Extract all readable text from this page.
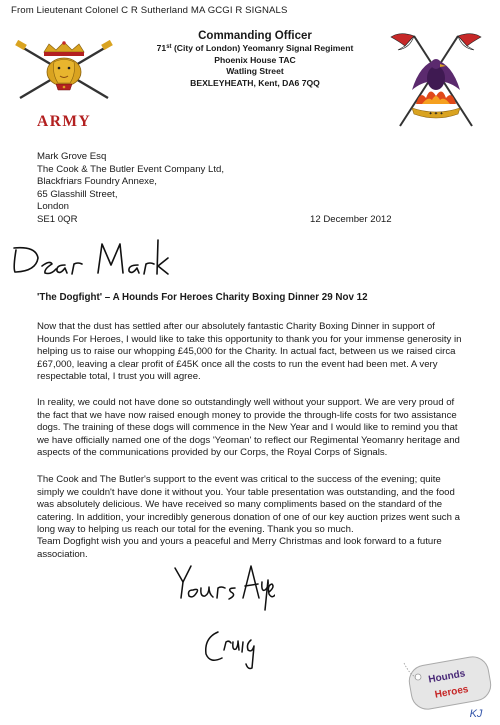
From Lieutenant Colonel C R Sutherland MA GCGI R SIGNALS
ARMY
Commanding Officer
71st (City of London) Yeomanry Signal Regiment
Phoenix House TAC
Watling Street
BEXLEYHEATH, Kent, DA6 7QQ
✦ ✦ ✦
Mark Grove Esq
The Cook & The Butler Event Company Ltd,
Blackfriars Foundry Annexe,
65 Glasshill Street,
London
SE1 0QR	12 December 2012
'The Dogfight' – A Hounds For Heroes Charity Boxing Dinner 29 Nov 12

Now that the dust has settled after our absolutely fantastic Charity Boxing Dinner in support of Hounds For Heroes, I would like to take this opportunity to thank you for your immense generosity in helping us to raise our whopping £45,000 for the Charity. In actual fact, between us we raised circa £67,000, leaving a clear profit of £45K once all the costs to run the event had been met. A very respectable total, I trust you will agree.

In reality, we could not have done so outstandingly well without your support. We are very proud of the fact that we have now raised enough money to provide the through-life costs for two assistance dogs. The training of these dogs will commence in the New Year and I would like to remind you that we have officially named one of the dogs 'Yeoman' to reflect our Regimental Yeomanry heritage and aspects of the communications provided by our Corps, the Royal Corps of Signals.

The Cook and The Butler's support to the event was critical to the success of the evening; quite simply we couldn't have done it without you. Your table presentation was outstanding, and the food was absolutely delicious. We have received so many compliments based on the standard of the catering. In addition, your incredibly generous donation of one of our key auction prizes went such a long way to helping us reach our total for the evening. Thank you so much.

Team Dogfight wish you and yours a peaceful and Merry Christmas and look forward to a future association.

Hounds
Heroes
KJ
